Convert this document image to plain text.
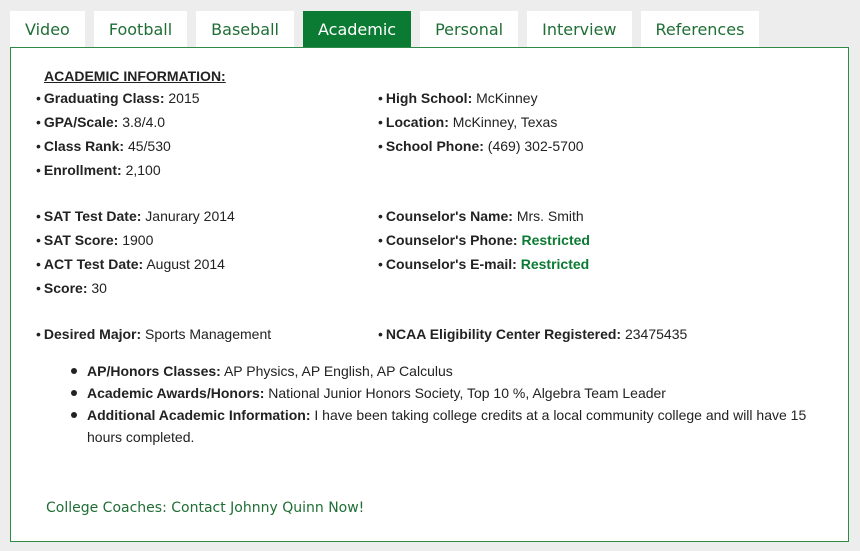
Video	Football	Baseball	Academic	Personal	Interview	References
ACADEMIC INFORMATION:
• Graduating Class: 2015
• GPA/Scale: 3.8/4.0
• Class Rank: 45/530
• Enrollment: 2,100
• SAT Test Date: Janurary 2014
• SAT Score: 1900
• ACT Test Date: August 2014
• Score: 30
• Desired Major: Sports Management
• High School: McKinney
• Location: McKinney, Texas
• School Phone: (469) 302-5700
• Counselor's Name: Mrs. Smith
• Counselor's Phone: Restricted
• Counselor's E-mail: Restricted
• NCAA Eligibility Center Registered: 23475435
AP/Honors Classes: AP Physics, AP English, AP Calculus
Academic Awards/Honors: National Junior Honors Society, Top 10 %, Algebra Team Leader
Additional Academic Information: I have been taking college credits at a local community college and will have 15 hours completed.
College Coaches: Contact Johnny Quinn Now!
